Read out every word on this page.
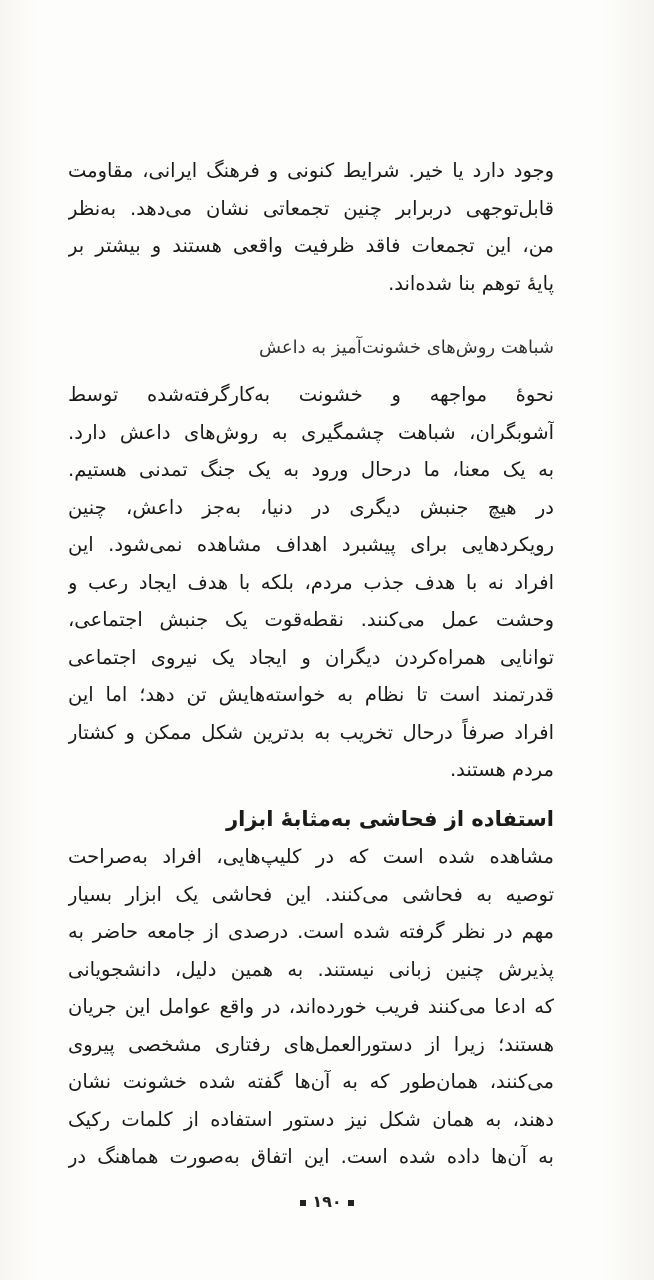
وجود دارد یا خیر. شرایط کنونی و فرهنگ ایرانی، مقاومت
قابل‌توجهی دربرابر چنین تجمعاتی نشان می‌دهد. به‌نظر
من، این تجمعات فاقد ظرفیت واقعی هستند و بیشتر بر
پایهٔ توهم بنا شده‌اند.
شباهت روش‌های خشونت‌آمیز به داعش
نحوهٔ مواجهه و خشونت به‌کارگرفته‌شده توسط
آشوبگران، شباهت چشمگیری به روش‌های داعش دارد.
به یک معنا، ما درحال ورود به یک جنگ تمدنی هستیم.
در هیچ جنبش دیگری در دنیا، به‌جز داعش، چنین
رویکردهایی برای پیشبرد اهداف مشاهده نمی‌شود. این
افراد نه با هدف جذب مردم، بلکه با هدف ایجاد رعب و
وحشت عمل می‌کنند. نقطه‌قوت یک جنبش اجتماعی،
توانایی همراه‌کردن دیگران و ایجاد یک نیروی اجتماعی
قدرتمند است تا نظام به خواسته‌هایش تن دهد؛ اما این
افراد صرفاً درحال تخریب به بدترین شکل ممکن و کشتار
مردم هستند.
استفاده از فحاشی به‌مثابهٔ ابزار
مشاهده شده است که در کلیپ‌هایی، افراد به‌صراحت
توصیه به فحاشی می‌کنند. این فحاشی یک ابزار بسیار
مهم در نظر گرفته شده است. درصدی از جامعه حاضر به
پذیرش چنین زبانی نیستند. به همین دلیل، دانشجویانی
که ادعا می‌کنند فریب خورده‌اند، در واقع عوامل این جریان
هستند؛ زیرا از دستورالعمل‌های رفتاری مشخصی پیروی
می‌کنند، همان‌طور که به آن‌ها گفته شده خشونت نشان
دهند، به همان شکل نیز دستور استفاده از کلمات رکیک
به آن‌ها داده شده است. این اتفاق به‌صورت هماهنگ در
۱۹۰
